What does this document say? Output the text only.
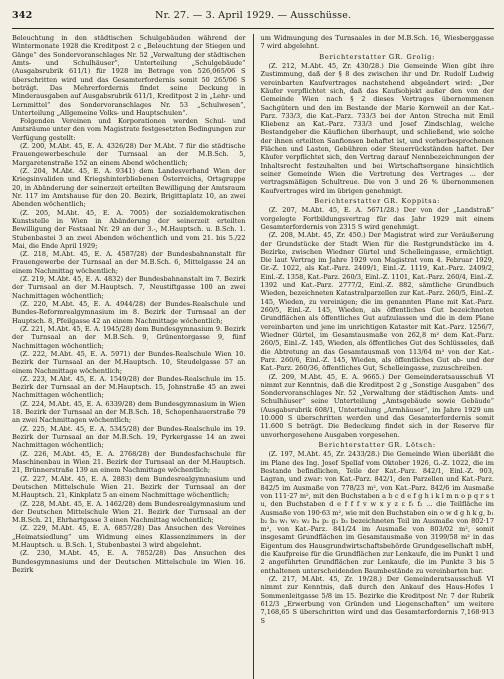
342	Nr. 27. — 3. April 1929. — Ausschüsse.

Beleuchtung in den städtischen Schulgebäuden während der Wintermonate 1928 die Kreditpost 2 c „Beleuchtung der Stiegen und Gänge“ des Sondervoranschlages Nr. 52 „Verwaltung der städtischen Amts- und Schulhäuser“, Unterteilung „Schulgebäude“ (Ausgabsrubrik 611/1) für 1928 im Betrage von 526,065/06 S überschritten wird und das Gesamterfordernis somit 50 265/06 S beträgt. Das Mehrerfordernis findet seine Deckung in Minderausgaben auf Ausgabsrubrik 611/1, Kreditpost 2 in „Lehr- und Lernmittel“ des Sondervoranschlages Nr. 53 „Schulwesen“, Unterteilung „Allgemeine Volks- und Hauptschulen“.

Folgenden Vereinen und Korporationen werden Schul- und Amtsräume unter den vom Magistrate festgesetzten Bedingungen zur Verfügung gestellt:

(Z. 200, M.Abt. 45, E. A. 4326/28) Der M.Abt. 7 für die städtische Frauengewerbeschule der Turnsaal an der M.B.Sch. 5, Margaretenstraße 152 an einem Abend wöchentlich;

(Z. 204, M.Abt. 45, E. A. 9341) dem Landesverband Wien der Kriegsinvaliden und Kriegshinterbliebenen Österreichs, Ortsgruppe 20, in Abänderung der seinerzeit erteilten Bewilligung der Amtsraum Nr. 117 im Amtshause für den 20. Bezirk, Brigittaplatz 10, an zwei Abenden wöchentlich;

(Z. 205, M.Abt. 45, E. A. 7005) der sozialdemokratischen Kunststelle in Wien in Abänderung der seinerzeit erteilten Bewilligung der Festsaal Nr. 29 an der 3.-, M.Hauptsch. u. B.Sch. 1. Stubenbastei 3 an zwei Abenden wöchentlich und vom 21. bis 5./22 Mai, die Ende April 1929;

(Z. 218, M.Abt. 45, E. A. 4587/28) der Bundesbahnanstalt für Frauengewerbe der Turnsaal an der M.B.Sch. 6, Mittelgasse 24 an einem Nachmittag wöchentlich;

(Z. 219, M.Abt. 45, E. A. 4832) der Bundesbahnanstalt im 7. Bezirk der Turnsaal an der M.Hauptsch. 7, Neustiftgasse 100 an zwei Nachmittagen wöchentlich;

(Z. 220, M.Abt. 45, E. A. 4944/28) der Bundes-Realschule und Bundes-Reformrealgymnasium im 8. Bezirk der Turnsaal an der Hauptsch. 8, Pfeilgasse 42 an einem Nachmittage wöchentlich;

(Z. 221, M.Abt. 45, E. A. 1945/28) dem Bundesgymnasium 9. Bezirk der Turnsaal an der M.B.Sch. 9, Grünentorgasse 9, fünf Nachmittagen wöchentlich;

(Z. 222, M.Abt. 45, E. A. 5971) der Bundes-Realschule Wien 10. Bezirk der Turnsaal an der M.Hauptsch. 10, Steudelgasse 57 an einem Nachmittage wöchentlich;

(Z. 223, M.Abt. 45, E. A. 1549/28) der Bundes-Realschule im 15. Bezirk der Turnsaal an der M.Hauptsch. 15, Johnstraße 45 an zwei Nachmittagen wöchentlich;

(Z. 224, M.Abt. 45, E. A. 6339/28) dem Bundesgymnasium in Wien 18. Bezirk der Turnsaal an der M.B.Sch. 18, Schopenhauerstraße 79 an zwei Nachmittagen wöchentlich;

(Z. 225, M.Abt. 45, E. A. 5345/28) der Bundes-Realschule im 19. Bezirk der Turnsaal an der M.B.Sch. 19, Pyrkergasse 14 an zwei Nachmittagen wöchentlich;

(Z. 226, M.Abt. 45, E. A. 2768/28) der Bundesfachschule für Maschinenbau in Wien 21. Bezirk der Turnsaal an der M.Hauptsch. 21, Brünnerstraße 139 an einem Nachmittage wöchentlich;

(Z. 227, M.Abt. 45, E. A. 2883) dem Bundesrealgymnasium und Deutschen Mittelschule Wien 21. Bezirk der Turnsaal an der M.Hauptsch. 21, Kinkplatz 5 an einem Nachmittage wöchentlich;

(Z. 228, M.Abt. 45, E. A. 1462/28) dem Bundesrealgymnasium und der Deutschen Mittelschule Wien 21. Bezirk der Turnsaal an der M.B.Sch. 21, Ehrhartgasse 3 einen Nachmittag wöchentlich;

(Z. 229, M.Abt. 45, E. A. 6857/28) Das Ansuchen des Vereines „Heimatsiedlung“ um Widmung eines Klassenzimmers in der M.Hauptsch. u. B.Sch. 1, Stubenbastei 3 wird abgelehnt.

(Z. 230, M.Abt. 45, E. A. 7852/28) Das Ansuchen des Bundesgymnasiums und der Deutschen Mittelschule im Wien 16. Bezirk

um Widmungung des Turnsaales in der M.B.Sch. 16, Wiesberggasse 7 wird abgelehnt.

Berichterstatter GR. Grolig:

(Z. 212, M.Abt. 45, Zr. 430/28.) Die Gemeinde Wien gibt ihre Zustimmung, daß der § 8 des zwischen ihr und Dr. Rudolf Ludwig vereinbarten Kaufvertrages nachstehend abgeändert wird: „Der Käufer verpflichtet sich, daß das Kaufsobjekt außer den von der Gemeinde Wien nach § 2 dieses Vertrages übernommenen Sachgütern und den im Bestande der Marie Kornweil an der Kat.-Parz. 733/3, die Kat.-Parz. 733/3 bei der Anton Strecha mit Emil Kliebenz an Kat.-Parz. 733/3 und Josef Zindschlag, welche Bestandgeber die Käuflichen überhaupt, und schließend, wie solche der ihnen erteilten Sanfionsen behaftet ist, und vorherbesprochenen Flächen und Lasten, Gebühren oder Steuerrückständen haftet. Der Käufer verpflichtet sich, den Vertrag darauf Nennbezeichnungen der Inhaltsrecht festzuhalten und bei Wirtschaftsorgane hinsichtlich seiner Gemeinde Wien die Vertretung des Vertrages ... der vertragsmäßigen Schultreue. Die von 3 und 26 % übernommenen Kaufvertrages wird im übrigen genehmigt.

Berichterstatter GR. Koppitsa:

(Z. 207, M.Abt. 45, E. A. 5671/28.) Der von der „Landstraß“ vorgelegte Fortbildungsvertrag für das Jahr 1929 mit einem Gesamterfordernis von 2315 S wird genehmigt.

(Z. 208, M.Abt. 45, Zr. 450.) Der Magistrat wird zur Veräußerung der Grundstücke der Stadt Wien für die Restgrundstücke im 4. Bezirke, zwischen Wiedner Gürtel und Schelleingasse, ermächtigt. Die laut Vertrag im Jahre 1929 von Magistrat vom 4. Februar 1929, Gr.-Z. 1022, als Kat.-Parz. 2409/1, Einl.-Z. 1119, Kat.-Parz. 2409/2, Einl.-Z. 1358, Kat.-Parz. 260/3, Einl.-Z. 1101, Kat.-Parz. 260/4, Einl.-Z. 1392 und Kat.-Parz. 2777/2, Einl.-Z. 882, sämtliche Grundbuch Wieden, bezeichneten Katastralparzellen zur Kat.-Parz. 260/5, Einl.-Z. 145, Wieden, zu vereinigen; die im genannten Plane mit Kat.-Parz. 260/5, Einl.-Z. 145, Wieden, als öffentliches Gut bezeichneten Grundflächen als öffentliches Gut aufzulassen und die in dem Plane vereinbarten und jene im unrichtigen Kataster mit Kat.-Parz. 1256/7, Wiedner Gürtel, im Gesamtausmaße von 262,8 m² dem Kat.-Parz. 260/5, Einl.-Z. 145, Wieden, als öffentliches Gut des Schlüsseles, daß die Abtretung an das Gesamtausmaß von 113/64 m² von der Kat.-Parz. 260/6, Einl.-Z. 145, Wieden, als öffentliches Gut ab- und der Kat.-Parz. 260/36, öffentliches Gut, Schelleingasse, zuzuschreiben.

(Z. 209, M.Abt. 45, E. A. 9665.) Der Gemeinderatsausschuß VI nimmt zur Kenntnis, daß die Kreditpost 2 g „Sonstige Ausgaben“ des Sondervoranschlages Nr. 52 „Verwaltung der städtischen Amts- und Schulhäuser“ seine Unterteilung „Amtsgebäude sowie Gebäude“ (Ausgabsrubrik 608/1, Unterteilung „Armhäuser“, im Jahre 1929 um 10.000 S überschritten werden und das Gesamterfordernis somit 11.600 S beträgt. Die Bedeckung findet sich in der Reserve für unvorhergesehene Ausgaben vorgesehen.

Berichterstatter GR. Lötsch:

(Z. 197, M.Abt. 45, Zr. 2433/28.) Die Gemeinde Wien überläßt die im Plane des Ing. Josef Spellaf vom Oktober 1926, G.-Z. 1022, die im Bestande befindlichen, Teile der Kat.-Parz. 842/1, Einl.-Z. 903, Lagran, und zwar: von Kat.-Parz. 842/1, den Parzellen und Kat.-Parz. 842/5 im Ausmaße von 778/23 m², von Kat.-Parz. 842/6 im Ausmaße von 111·27 m², mit den Buchstaben a b c d e f g h i k l m n o p q r s t u, den Buchstaben d e f f f v w x y z ε f₁ f₂ ... die Teilfläche im Ausmaße von 190·63 m², wie mit den Buchstaben ein o w d g h k g, b₁ b₂ b₃ w₁ w₂ w₃ b₄ p₂ g₃ b₃ bezeichneten Teil im Ausmaße von 802·17 m², von Kat.-Parz. 841/24 im Ausmaße von 803/02 m², somit insgesamt Grundflächen im Gesamtausmaße von 3199/58 m² in das Eigentum des Hausgrundwirtschaftsbehörde Grundgesellschaft mbH, die Kaufpreise für die Grundflächen zur Lenkaufe, die im Punkt 1 und 2 angeführten Grundflächen zur Lenkaufe, die im Punkte 3 bis 5 enthaltenen unterscheidenden Baumbestände zu vereinbarten bar.

(Z. 217, M.Abt. 45, Zr. 19/28.) Der Gemeinderatsausschuß VI nimmt zur Kenntnis, daß durch den Ankauf des Haus-Hofes 1 Sommenleitgasse 5/8 im 15. Bezirke die Kreditpost Nr. 7 der Rubrik 612/3 „Erwerbung von Gründen und Liegenschaften“ um weitere 7,168,65 S überschritten wird und das Gesamterfordernis 7,168·913 S
